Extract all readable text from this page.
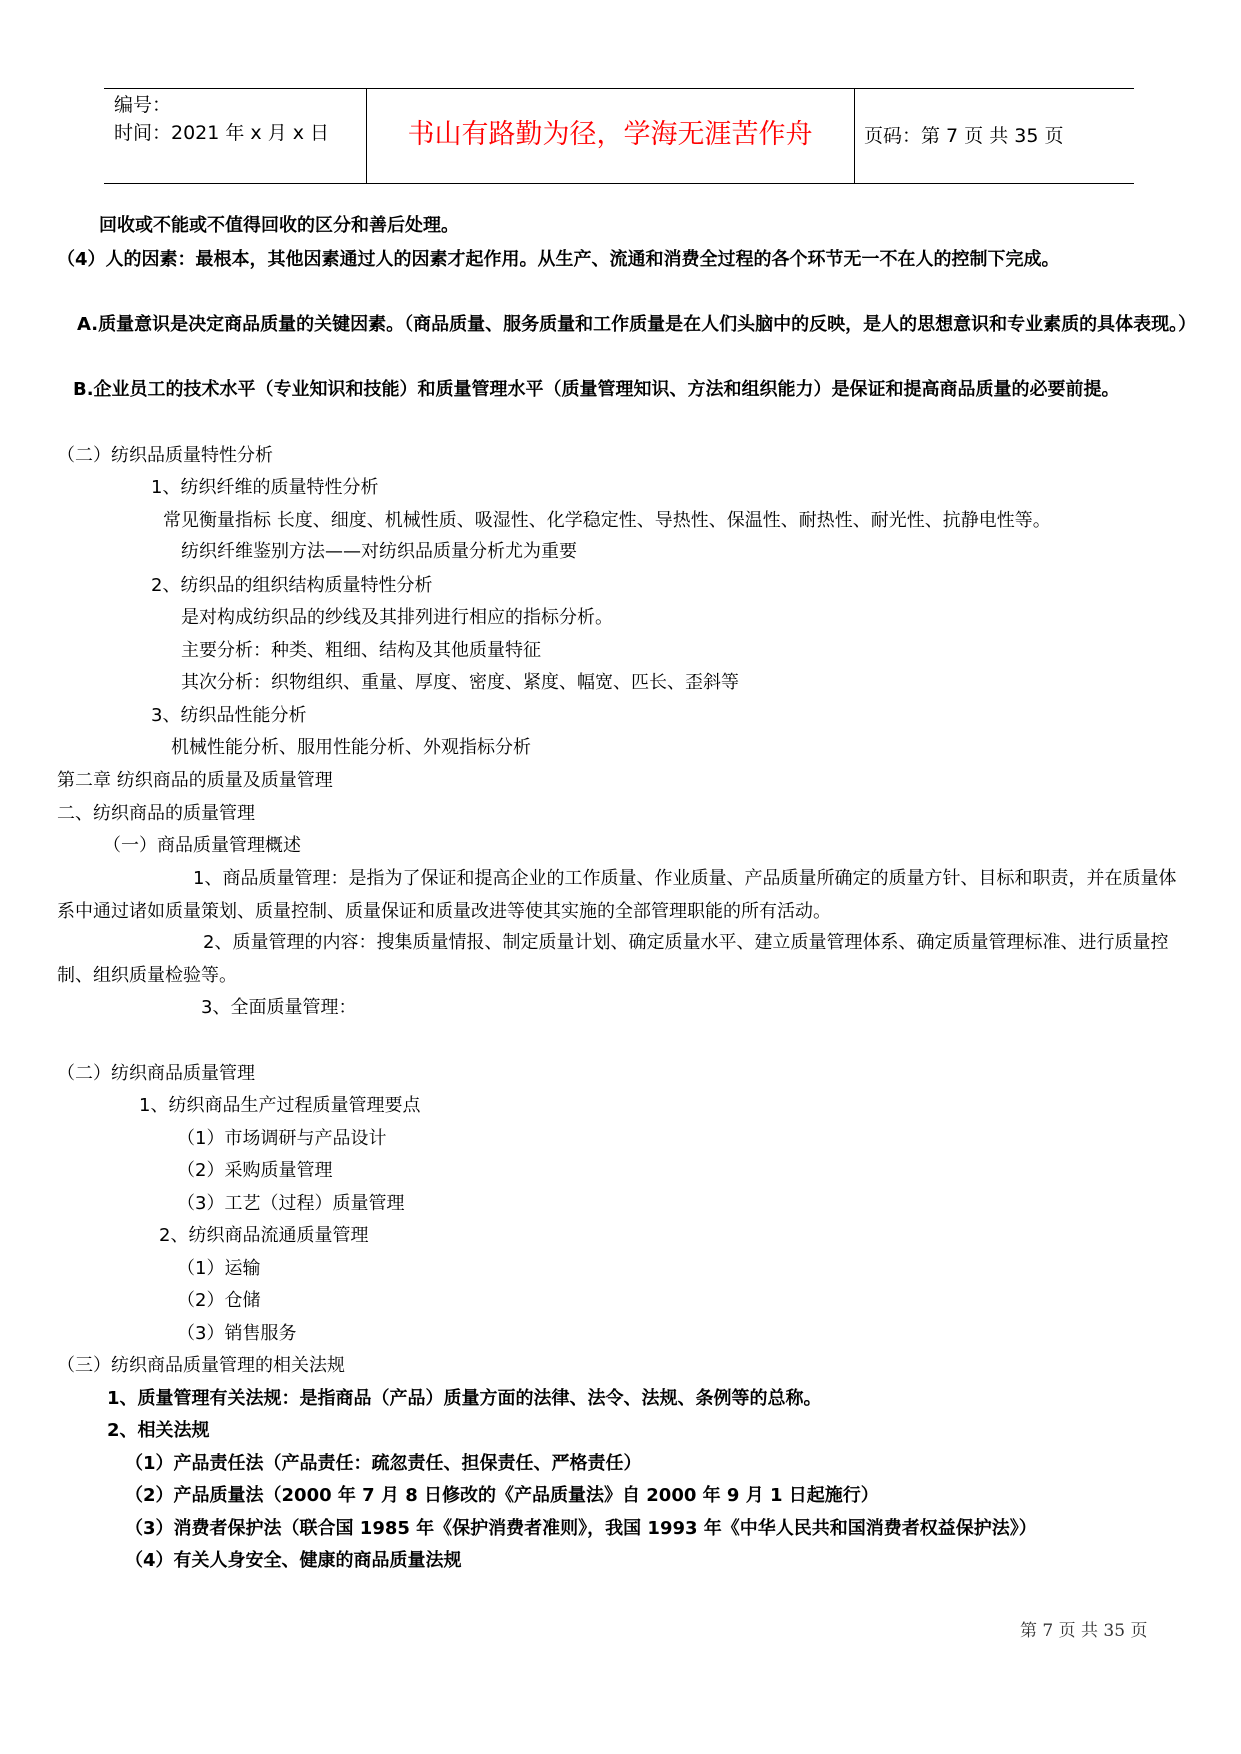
编号：
时间：2021 年 x 月 x 日	书山有路勤为径，学海无涯苦作舟	页码：第 7 页 共 35 页
回收或不能或不值得回收的区分和善后处理。
（4）人的因素：最根本，其他因素通过人的因素才起作用。从生产、流通和消费全过程的各个环节无一不在人的控制下完成。
A.质量意识是决定商品质量的关键因素。（商品质量、服务质量和工作质量是在人们头脑中的反映，是人的思想意识和专业素质的具体表现。）
B.企业员工的技术水平（专业知识和技能）和质量管理水平（质量管理知识、方法和组织能力）是保证和提高商品质量的必要前提。
（二）纺织品质量特性分析
1、纺织纤维的质量特性分析
常见衡量指标 长度、细度、机械性质、吸湿性、化学稳定性、导热性、保温性、耐热性、耐光性、抗静电性等。
纺织纤维鉴别方法——对纺织品质量分析尤为重要
2、纺织品的组织结构质量特性分析
是对构成纺织品的纱线及其排列进行相应的指标分析。
主要分析：种类、粗细、结构及其他质量特征
其次分析：织物组织、重量、厚度、密度、紧度、幅宽、匹长、歪斜等
3、纺织品性能分析
机械性能分析、服用性能分析、外观指标分析
第二章 纺织商品的质量及质量管理
二、纺织商品的质量管理
（一）商品质量管理概述
1、商品质量管理：是指为了保证和提高企业的工作质量、作业质量、产品质量所确定的质量方针、目标和职责，并在质量体系中通过诸如质量策划、质量控制、质量保证和质量改进等使其实施的全部管理职能的所有活动。
2、质量管理的内容：搜集质量情报、制定质量计划、确定质量水平、建立质量管理体系、确定质量管理标准、进行质量控制、组织质量检验等。
3、全面质量管理：
（二）纺织商品质量管理
1、纺织商品生产过程质量管理要点
（1）市场调研与产品设计
（2）采购质量管理
（3）工艺（过程）质量管理
2、纺织商品流通质量管理
（1）运输
（2）仓储
（3）销售服务
（三）纺织商品质量管理的相关法规
1、质量管理有关法规：是指商品（产品）质量方面的法律、法令、法规、条例等的总称。
2、相关法规
（1）产品责任法（产品责任：疏忽责任、担保责任、严格责任）
（2）产品质量法（2000 年 7 月 8 日修改的《产品质量法》自 2000 年 9 月 1 日起施行）
（3）消费者保护法（联合国 1985 年《保护消费者准则》，我国 1993 年《中华人民共和国消费者权益保护法》）
（4）有关人身安全、健康的商品质量法规
第 7 页 共 35 页
